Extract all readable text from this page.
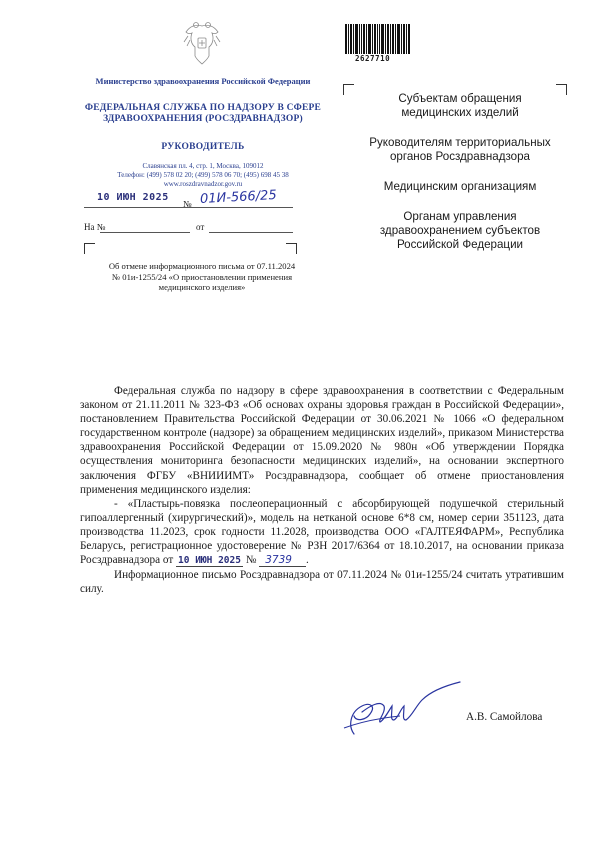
Министерство здравоохранения Российской Федерации
ФЕДЕРАЛЬНАЯ СЛУЖБА ПО НАДЗОРУ В СФЕРЕ ЗДРАВООХРАНЕНИЯ (РОСЗДРАВНАДЗОР)
РУКОВОДИТЕЛЬ
Славянская пл. 4, стр. 1, Москва, 109012
Телефон: (499) 578 02 20; (499) 578 06 70; (495) 698 45 38
www.roszdravnadzor.gov.ru
10 ИЮН 2025
№ 01И-566/25
На №	от
Об отмене информационного письма от 07.11.2024 № 01и-1255/24 «О приостановлении применения медицинского изделия»
2627710
Субъектам обращения медицинских изделий
Руководителям территориальных органов Росздравнадзора
Медицинским организациям
Органам управления здравоохранением субъектов Российской Федерации

Федеральная служба по надзору в сфере здравоохранения в соответствии с Федеральным законом от 21.11.2011 № 323-ФЗ «Об основах охраны здоровья граждан в Российской Федерации», постановлением Правительства Российской Федерации от 30.06.2021 № 1066 «О федеральном государственном контроле (надзоре) за обращением медицинских изделий», приказом Министерства здравоохранения Российской Федерации от 15.09.2020 № 980н «Об утверждении Порядка осуществления мониторинга безопасности медицинских изделий», на основании экспертного заключения ФГБУ «ВНИИИМТ» Росздравнадзора, сообщает об отмене приостановления применения медицинского изделия:

- «Пластырь-повязка послеоперационный с абсорбирующей подушечкой стерильный гипоаллергенный (хирургический)», модель на нетканой основе 6*8 см, номер серии 351123, дата производства 11.2023, срок годности 11.2028, производства ООО «ГАЛТЕЯФАРМ», Республика Беларусь, регистрационное удостоверение № РЗН 2017/6364 от 18.10.2017, на основании приказа Росздравнадзора от 10 ИЮН 2025 № 3739 .

Информационное письмо Росздравнадзора от 07.11.2024 № 01и-1255/24 считать утратившим силу.

А.В. Самойлова
